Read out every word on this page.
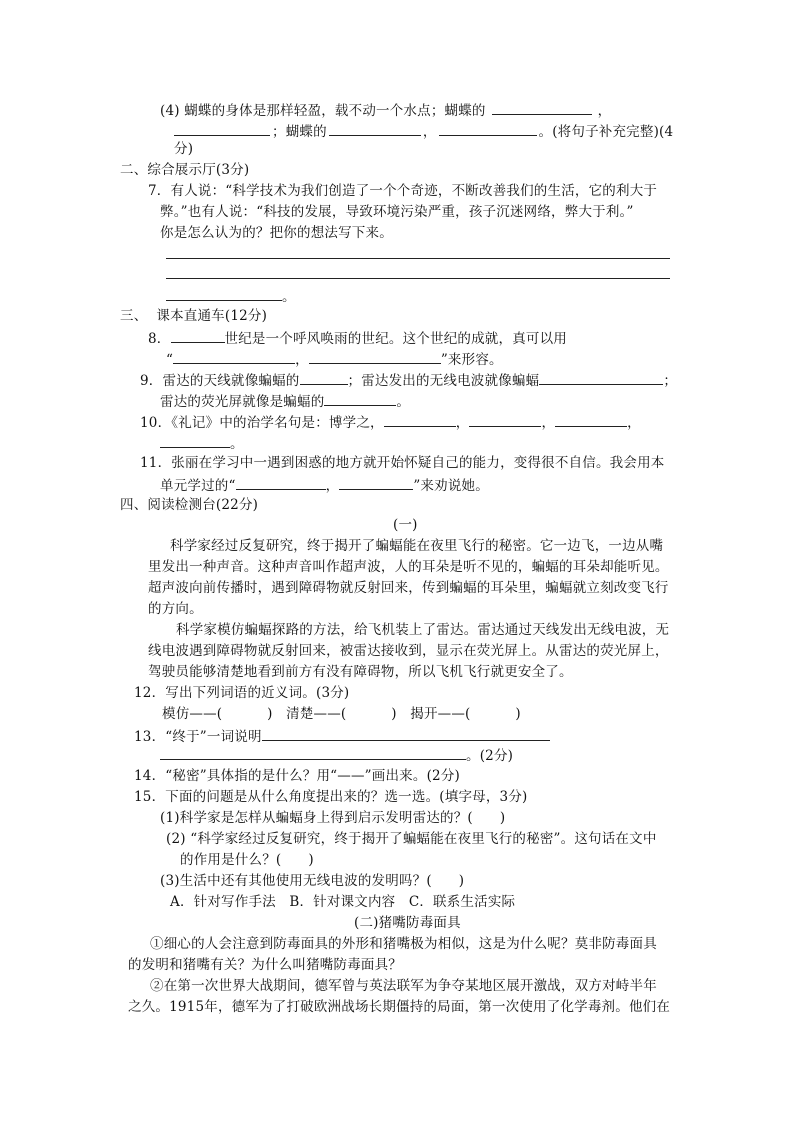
(4) 蝴蝶的身体是那样轻盈，载不动一个水点；蝴蝶的	，
；蝴蝶的	，	。(将句子补充完整)(4
分)
二、综合展示厅(3分)
7．有人说：“科学技术为我们创造了一个个奇迹，不断改善我们的生活，它的利大于
弊。”也有人说：“科技的发展，导致环境污染严重，孩子沉迷网络，弊大于利。”
你是怎么认为的？把你的想法写下来。
。
三、  课本直通车(12分)
8．	世纪是一个呼风唤雨的世纪。这个世纪的成就，真可以用
“	，	”来形容。
9．雷达的天线就像蝙蝠的	；雷达发出的无线电波就像蝙蝠	；
雷达的荧光屏就像是蝙蝠的	。
10．《礼记》中的治学名句是：博学之，	，	，	，
。
11．张丽在学习中一遇到困惑的地方就开始怀疑自己的能力，变得很不自信。我会用本
单元学过的“	，	”来劝说她。
四、阅读检测台(22分)
(一)
科学家经过反复研究，终于揭开了蝙蝠能在夜里飞行的秘密。它一边飞，一边从嘴
里发出一种声音。这种声音叫作超声波，人的耳朵是听不见的，蝙蝠的耳朵却能听见。
超声波向前传播时，遇到障碍物就反射回来，传到蝙蝠的耳朵里，蝙蝠就立刻改变飞行
的方向。
科学家模仿蝙蝠探路的方法，给飞机装上了雷达。雷达通过天线发出无线电波，无
线电波遇到障碍物就反射回来，被雷达接收到，显示在荧光屏上。从雷达的荧光屏上，
驾驶员能够清楚地看到前方有没有障碍物，所以飞机飞行就更安全了。
12．写出下列词语的近义词。(3分)
模仿——(          )   清楚——(          )   揭开——(          )
13．“终于”一词说明
。(2分)
14．“秘密”具体指的是什么？用“——”画出来。(2分)
15．下面的问题是从什么角度提出来的？选一选。(填字母，3分)
(1)科学家是怎样从蝙蝠身上得到启示发明雷达的？(      )
(2) “科学家经过反复研究，终于揭开了蝙蝠能在夜里飞行的秘密”。这句话在文中
的作用是什么？(      )
(3)生活中还有其他使用无线电波的发明吗？(      )
A．针对写作手法   B．针对课文内容   C．联系生活实际
(二)猪嘴防毒面具
①细心的人会注意到防毒面具的外形和猪嘴极为相似，这是为什么呢？莫非防毒面具
的发明和猪嘴有关？为什么叫猪嘴防毒面具？
②在第一次世界大战期间，德军曾与英法联军为争夺某地区展开激战，双方对峙半年
之久。1915年，德军为了打破欧洲战场长期僵持的局面，第一次使用了化学毒剂。他们在
